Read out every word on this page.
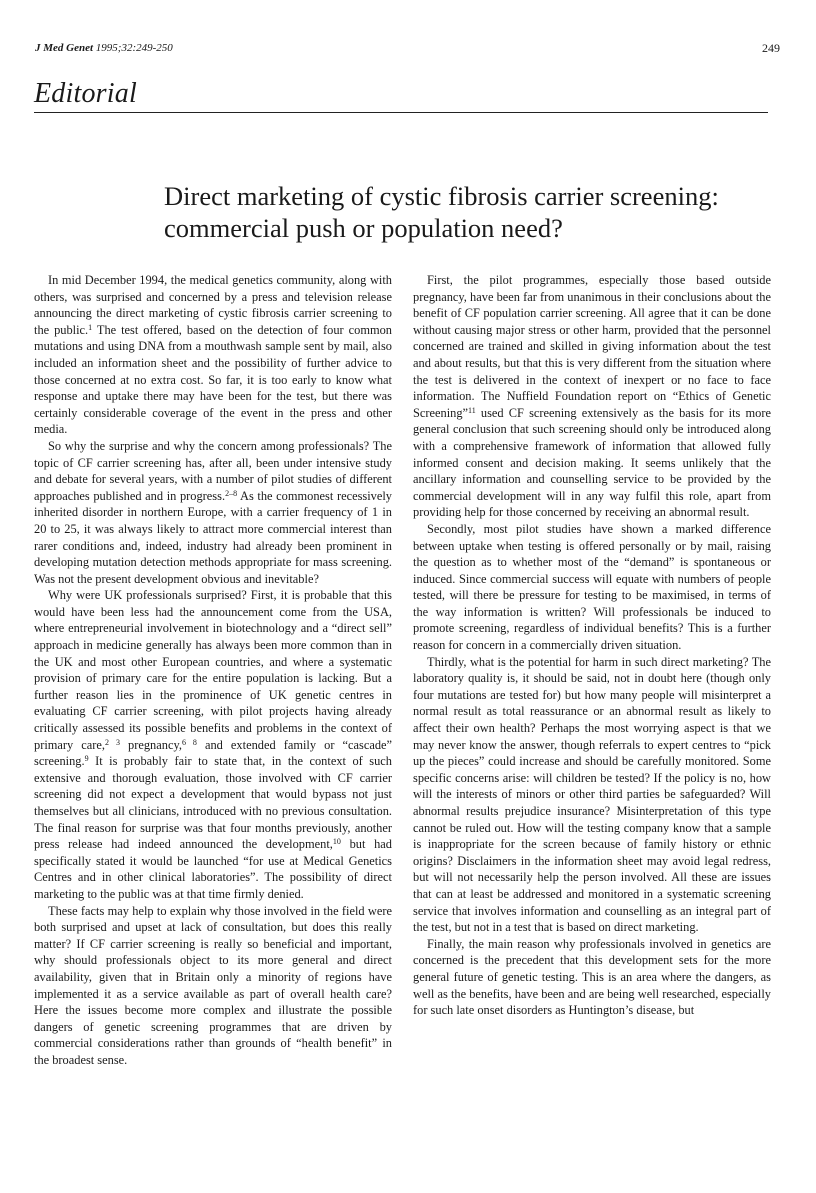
J Med Genet 1995;32:249-250	249
Editorial
Direct marketing of cystic fibrosis carrier screening:
commercial push or population need?

In mid December 1994, the medical genetics community, along with others, was surprised and concerned by a press and television release announcing the direct marketing of cystic fibrosis carrier screening to the public.$^1$ The test offered, based on the detection of four common mutations and using DNA from a mouthwash sample sent by mail, also included an information sheet and the possibility of further advice to those concerned at no extra cost. So far, it is too early to know what response and uptake there may have been for the test, but there was certainly considerable coverage of the event in the press and other media.

So why the surprise and why the concern among professionals? The topic of CF carrier screening has, after all, been under intensive study and debate for several years, with a number of pilot studies of different approaches published and in progress.$^{2-8}$ As the commonest recessively inherited disorder in northern Europe, with a carrier frequency of 1 in 20 to 25, it was always likely to attract more commercial interest than rarer conditions and, indeed, industry had already been prominent in developing mutation detection methods appropriate for mass screening. Was not the present development obvious and inevitable?

Why were UK professionals surprised? First, it is probable that this would have been less had the announcement come from the USA, where entrepreneurial involvement in biotechnology and a “direct sell” approach in medicine generally has always been more common than in the UK and most other European countries, and where a systematic provision of primary care for the entire population is lacking. But a further reason lies in the prominence of UK genetic centres in evaluating CF carrier screening, with pilot projects having already critically assessed its possible benefits and problems in the context of primary care,$^{2 3}$ pregnancy,$^{6 8}$ and extended family or “cascade” screening.$^9$ It is probably fair to state that, in the context of such extensive and thorough evaluation, those involved with CF carrier screening did not expect a development that would bypass not just themselves but all clinicians, introduced with no previous consultation. The final reason for surprise was that four months previously, another press release had indeed announced the development,$^{10}$ but had specifically stated it would be launched “for use at Medical Genetics Centres and in other clinical laboratories”. The possibility of direct marketing to the public was at that time firmly denied.

These facts may help to explain why those involved in the field were both surprised and upset at lack of consultation, but does this really matter? If CF carrier screening is really so beneficial and important, why should professionals object to its more general and direct availability, given that in Britain only a minority of regions have implemented it as a service available as part of overall health care? Here the issues become more complex and illustrate the possible dangers of genetic screening programmes that are driven by commercial considerations rather than grounds of “health benefit” in the broadest sense.

First, the pilot programmes, especially those based outside pregnancy, have been far from unanimous in their conclusions about the benefit of CF population carrier screening. All agree that it can be done without causing major stress or other harm, provided that the personnel concerned are trained and skilled in giving information about the test and about results, but that this is very different from the situation where the test is delivered in the context of inexpert or no face to face information. The Nuffield Foundation report on “Ethics of Genetic Screening”$^{11}$ used CF screening extensively as the basis for its more general conclusion that such screening should only be introduced along with a comprehensive framework of information that allowed fully informed consent and decision making. It seems unlikely that the ancillary information and counselling service to be provided by the commercial development will in any way fulfil this role, apart from providing help for those concerned by receiving an abnormal result.

Secondly, most pilot studies have shown a marked difference between uptake when testing is offered personally or by mail, raising the question as to whether most of the “demand” is spontaneous or induced. Since commercial success will equate with numbers of people tested, will there be pressure for testing to be maximised, in terms of the way information is written? Will professionals be induced to promote screening, regardless of individual benefits? This is a further reason for concern in a commercially driven situation.

Thirdly, what is the potential for harm in such direct marketing? The laboratory quality is, it should be said, not in doubt here (though only four mutations are tested for) but how many people will misinterpret a normal result as total reassurance or an abnormal result as likely to affect their own health? Perhaps the most worrying aspect is that we may never know the answer, though referrals to expert centres to “pick up the pieces” could increase and should be carefully monitored. Some specific concerns arise: will children be tested? If the policy is no, how will the interests of minors or other third parties be safeguarded? Will abnormal results prejudice insurance? Misinterpretation of this type cannot be ruled out. How will the testing company know that a sample is inappropriate for the screen because of family history or ethnic origins? Disclaimers in the information sheet may avoid legal redress, but will not necessarily help the person involved. All these are issues that can at least be addressed and monitored in a systematic screening service that involves information and counselling as an integral part of the test, but not in a test that is based on direct marketing.

Finally, the main reason why professionals involved in genetics are concerned is the precedent that this development sets for the more general future of genetic testing. This is an area where the dangers, as well as the benefits, have been and are being well researched, especially for such late onset disorders as Huntington’s disease, but
